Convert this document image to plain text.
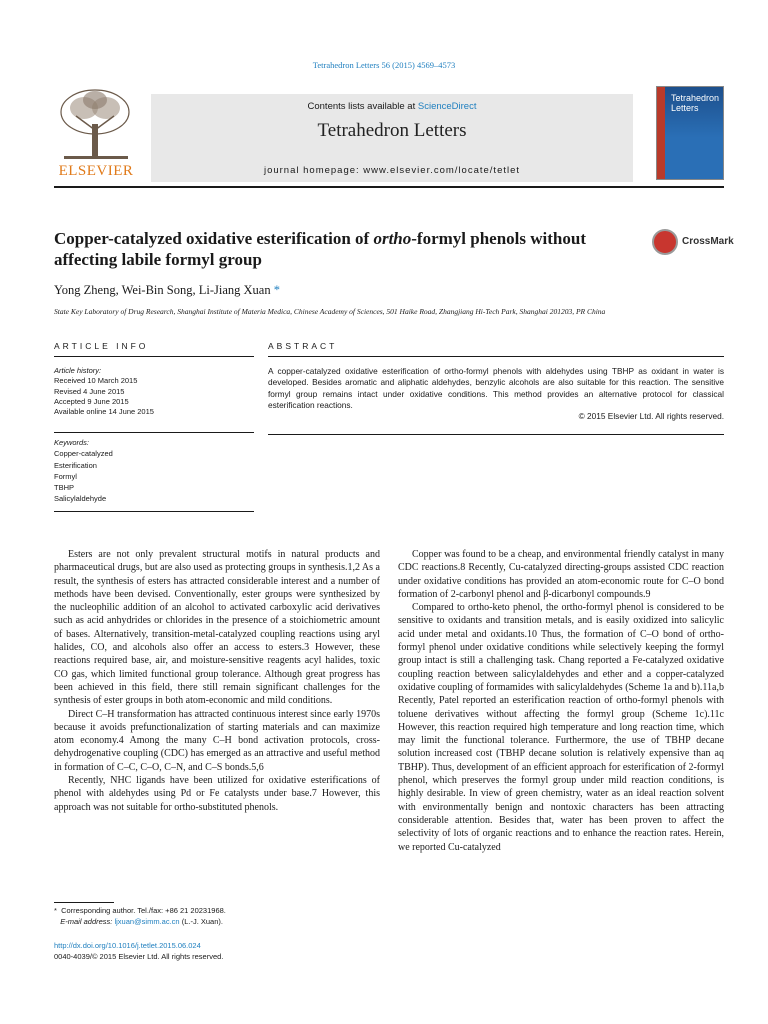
Tetrahedron Letters 56 (2015) 4569–4573
ELSEVIER
Contents lists available at ScienceDirect
Tetrahedron Letters
journal homepage: www.elsevier.com/locate/tetlet
Tetrahedron Letters
Copper-catalyzed oxidative esterification of ortho-formyl phenols without affecting labile formyl group
CrossMark
Yong Zheng, Wei-Bin Song, Li-Jiang Xuan *
State Key Laboratory of Drug Research, Shanghai Institute of Materia Medica, Chinese Academy of Sciences, 501 Haike Road, Zhangjiang Hi-Tech Park, Shanghai 201203, PR China
ARTICLE INFO	ABSTRACT
Article history:
Received 10 March 2015
Revised 4 June 2015
Accepted 9 June 2015
Available online 14 June 2015
Keywords:
Copper-catalyzed
Esterification
Formyl
TBHP
Salicylaldehyde
A copper-catalyzed oxidative esterification of ortho-formyl phenols with aldehydes using TBHP as oxidant in water is developed. Besides aromatic and aliphatic aldehydes, benzylic alcohols are also suitable for this reaction. The sensitive formyl group remains intact under oxidative conditions. This method provides an alternative protocol for classical esterification reactions.
© 2015 Elsevier Ltd. All rights reserved.

Esters are not only prevalent structural motifs in natural products and pharmaceutical drugs, but are also used as protecting groups in synthesis.1,2 As a result, the synthesis of esters has attracted considerable interest and a number of methods have been devised. Conventionally, ester groups were synthesized by the nucleophilic addition of an alcohol to activated carboxylic acid derivatives such as acid anhydrides or chlorides in the presence of a stoichiometric amount of bases. Alternatively, transition-metal-catalyzed coupling reactions using aryl halides, CO, and alcohols also offer an access to esters.3 However, these reactions required base, air, and moisture-sensitive reagents acyl halides, toxic CO gas, which limited functional group tolerance. Although great progress has been achieved in this field, there still remain significant challenges for the synthesis of ester groups in both atom-economic and mild conditions.

Direct C–H transformation has attracted continuous interest since early 1970s because it avoids prefunctionalization of starting materials and can maximize atom economy.4 Among the many C–H bond activation protocols, cross-dehydrogenative coupling (CDC) has emerged as an attractive and useful method in formation of C–C, C–O, C–N, and C–S bonds.5,6

Recently, NHC ligands have been utilized for oxidative esterifications of phenol with aldehydes using Pd or Fe catalysts under base.7 However, this approach was not suitable for ortho-substituted phenols.

Copper was found to be a cheap, and environmental friendly catalyst in many CDC reactions.8 Recently, Cu-catalyzed directing-groups assisted CDC reaction under oxidative conditions has provided an atom-economic route for C–O bond formation of 2-carbonyl phenol and β-dicarbonyl compounds.9

Compared to ortho-keto phenol, the ortho-formyl phenol is considered to be sensitive to oxidants and transition metals, and is easily oxidized into salicylic acid under metal and oxidants.10 Thus, the formation of C–O bond of ortho-formyl phenol under oxidative conditions while selectively keeping the formyl group intact is still a challenging task. Chang reported a Fe-catalyzed oxidative coupling reaction between salicylaldehydes and ether and a copper-catalyzed oxidative coupling of formamides with salicylaldehydes (Scheme 1a and b).11a,b Recently, Patel reported an esterification reaction of ortho-formyl phenols with toluene derivatives without affecting the formyl group (Scheme 1c).11c However, this reaction required high temperature and long reaction time, which may limit the functional tolerance. Furthermore, the use of TBHP decane solution increased cost (TBHP decane solution is relatively expensive than aq TBHP). Thus, development of an efficient approach for esterification of 2-formyl phenol, which preserves the formyl group under mild reaction conditions, is highly desirable. In view of green chemistry, water as an ideal reaction solvent with environmentally benign and nontoxic characters has been attracting considerable attention. Besides that, water has been proven to affect the selectivity of lots of organic reactions and to enhance the reaction rates. Herein, we reported Cu-catalyzed

* Corresponding author. Tel./fax: +86 21 20231968.
E-mail address: ljxuan@simm.ac.cn (L.-J. Xuan).
http://dx.doi.org/10.1016/j.tetlet.2015.06.024
0040-4039/© 2015 Elsevier Ltd. All rights reserved.
